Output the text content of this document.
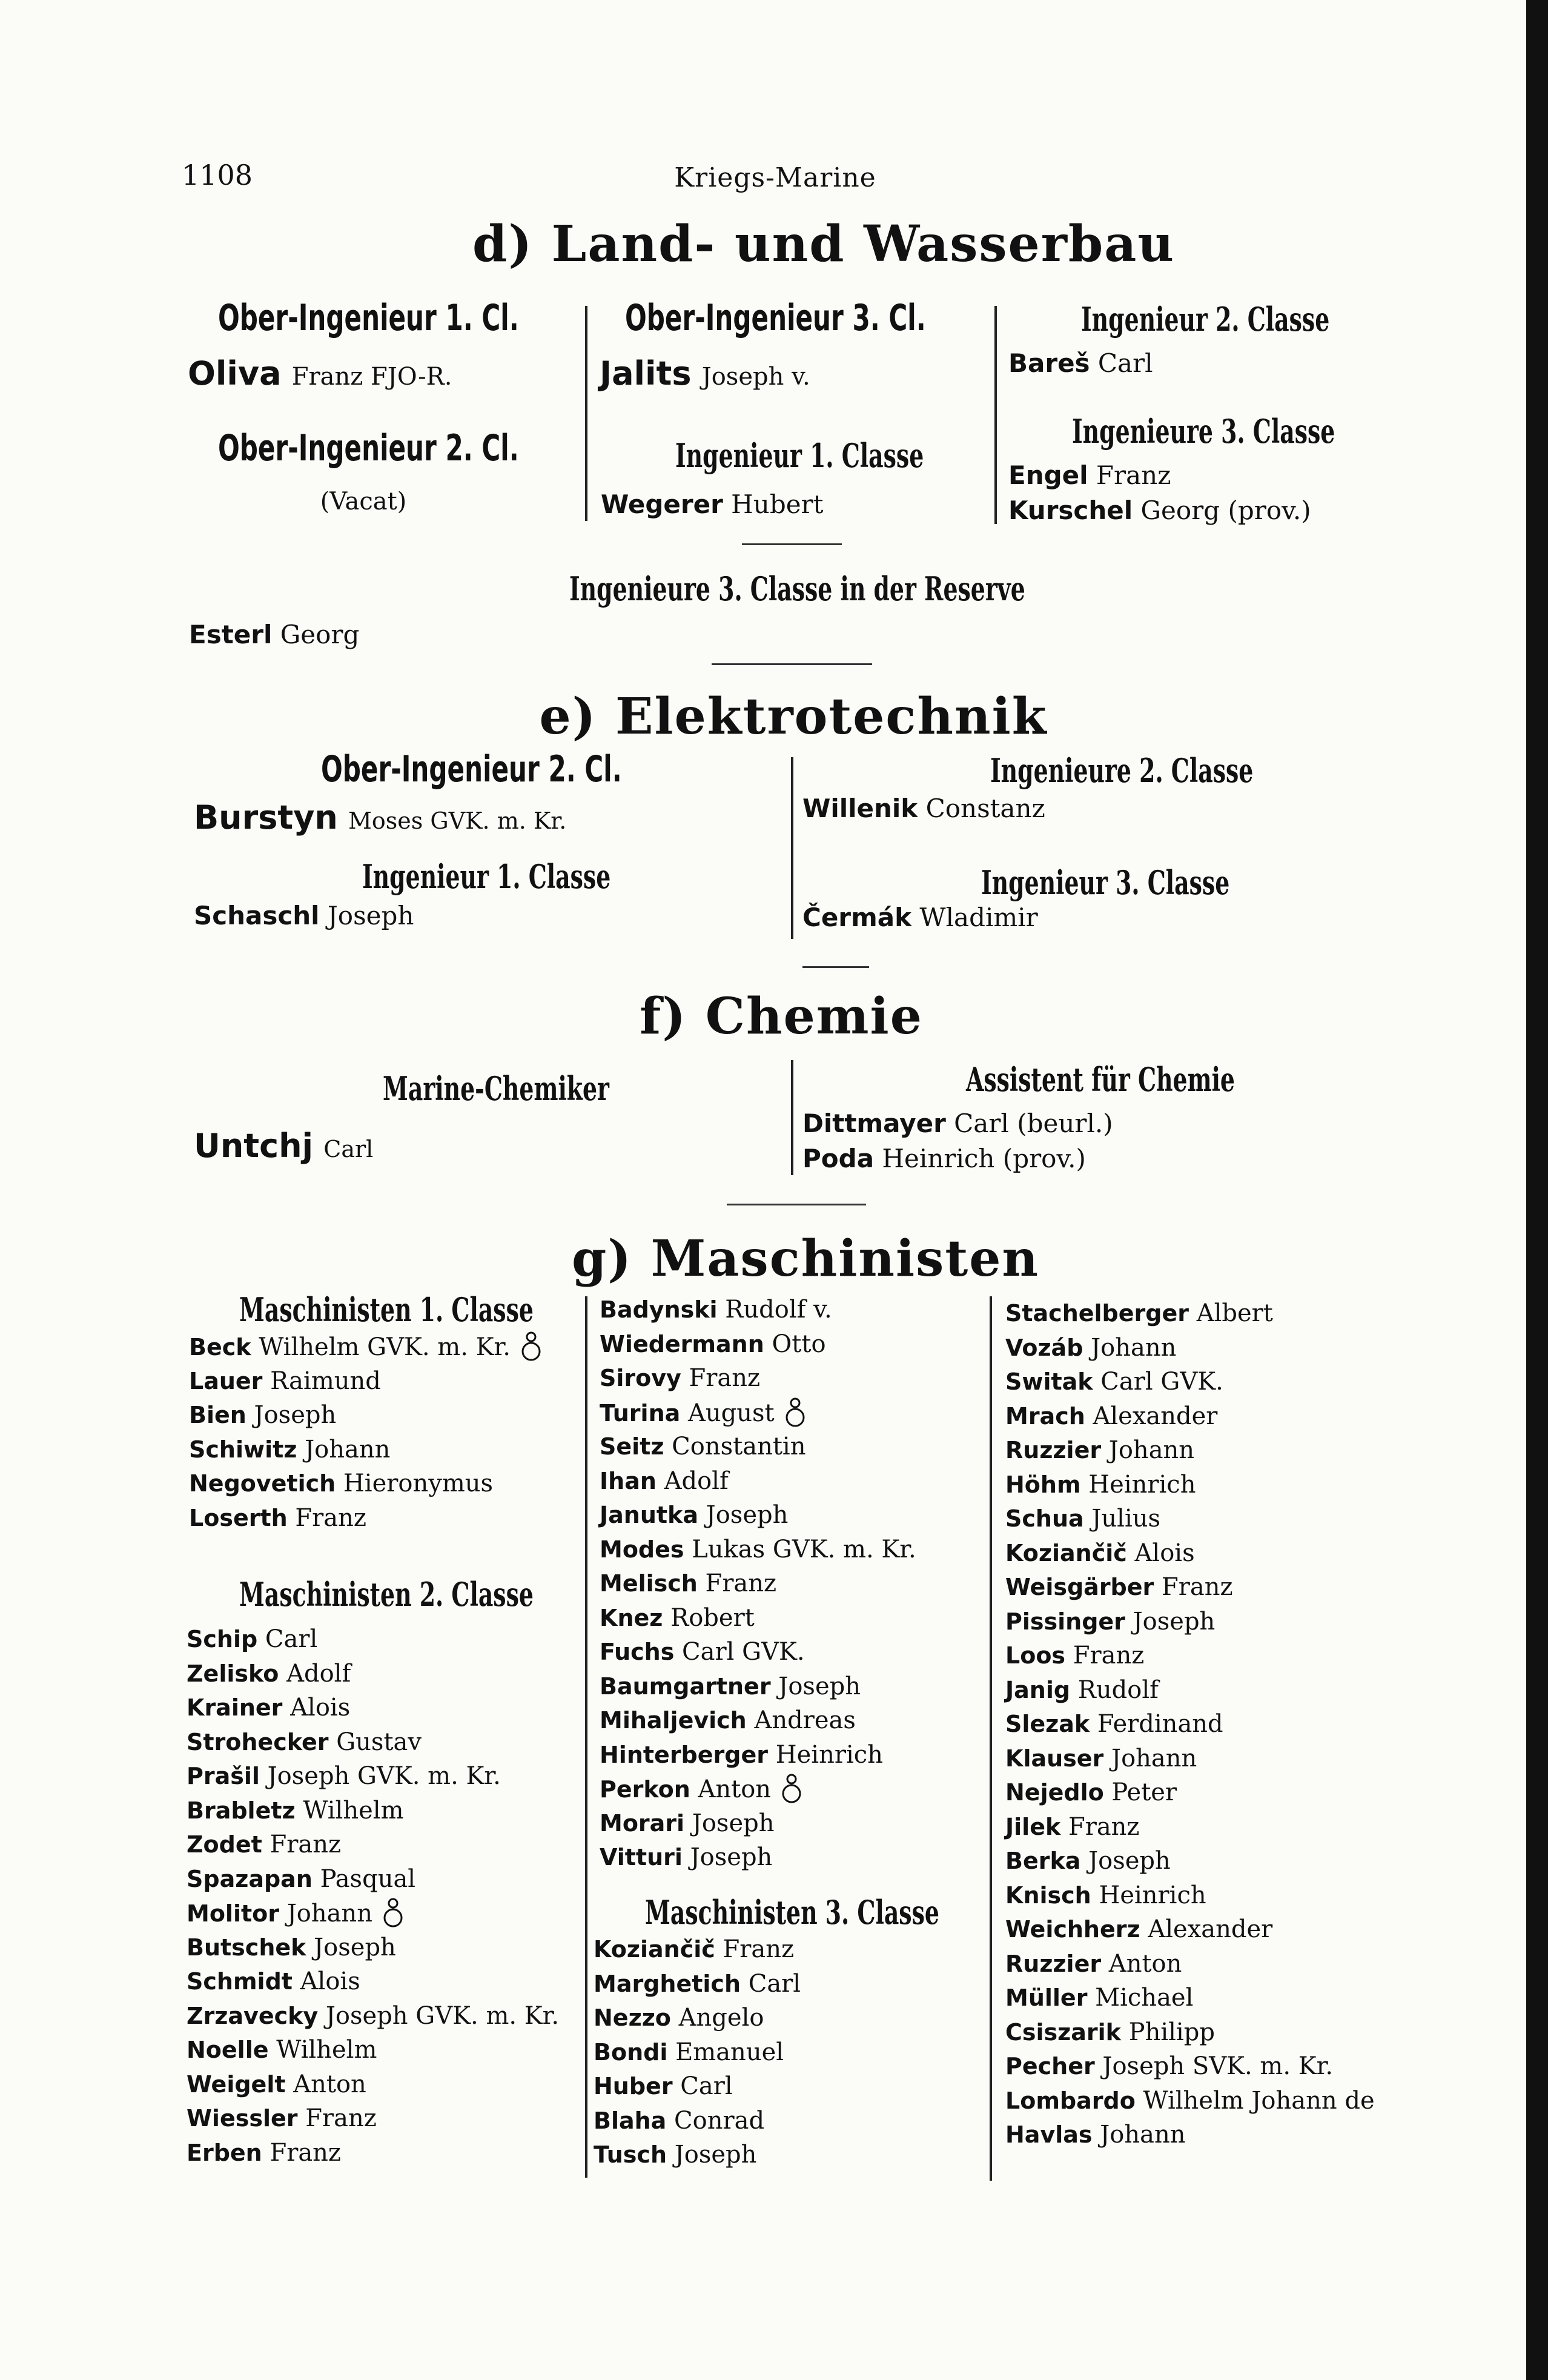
1108	Kriegs-Marine
d) Land- und Wasserbau
Ober-Ingenieur 1. Cl.
Oliva Franz FJO-R.
Ober-Ingenieur 2. Cl.
(Vacat)
Ober-Ingenieur 3. Cl.
Jalits Joseph v.
Ingenieur 1. Classe
Wegerer Hubert
Ingenieur 2. Classe
Bareš Carl
Ingenieure 3. Classe
Engel Franz
Kurschel Georg (prov.)
Ingenieure 3. Classe in der Reserve
Esterl Georg
e) Elektrotechnik
Ober-Ingenieur 2. Cl.
Burstyn Moses GVK. m. Kr.
Ingenieur 1. Classe
Schaschl Joseph
Ingenieure 2. Classe
Willenik Constanz
Ingenieur 3. Classe
Čermák Wladimir
f) Chemie
Marine-Chemiker
Untchj Carl
Assistent für Chemie
Dittmayer Carl (beurl.)
Poda Heinrich (prov.)
g) Maschinisten
Maschinisten 1. Classe
Beck Wilhelm GVK. m. Kr.
Lauer Raimund
Bien Joseph
Schiwitz Johann
Negovetich Hieronymus
Loserth Franz
Maschinisten 2. Classe
Schip Carl
Zelisko Adolf
Krainer Alois
Strohecker Gustav
Prašil Joseph GVK. m. Kr.
Brabletz Wilhelm
Zodet Franz
Spazapan Pasqual
Molitor Johann
Butschek Joseph
Schmidt Alois
Zrzavecky Joseph GVK. m. Kr.
Noelle Wilhelm
Weigelt Anton
Wiessler Franz
Erben Franz
Badynski Rudolf v.
Wiedermann Otto
Sirovy Franz
Turina August
Seitz Constantin
Ihan Adolf
Janutka Joseph
Modes Lukas GVK. m. Kr.
Melisch Franz
Knez Robert
Fuchs Carl GVK.
Baumgartner Joseph
Mihaljevich Andreas
Hinterberger Heinrich
Perkon Anton
Morari Joseph
Vitturi Joseph
Maschinisten 3. Classe
Koziančič Franz
Marghetich Carl
Nezzo Angelo
Bondi Emanuel
Huber Carl
Blaha Conrad
Tusch Joseph
Stachelberger Albert
Vozáb Johann
Switak Carl GVK.
Mrach Alexander
Ruzzier Johann
Höhm Heinrich
Schua Julius
Koziančič Alois
Weisgärber Franz
Pissinger Joseph
Loos Franz
Janig Rudolf
Slezak Ferdinand
Klauser Johann
Nejedlo Peter
Jilek Franz
Berka Joseph
Knisch Heinrich
Weichherz Alexander
Ruzzier Anton
Müller Michael
Csiszarik Philipp
Pecher Joseph SVK. m. Kr.
Lombardo Wilhelm Johann de
Havlas Johann
